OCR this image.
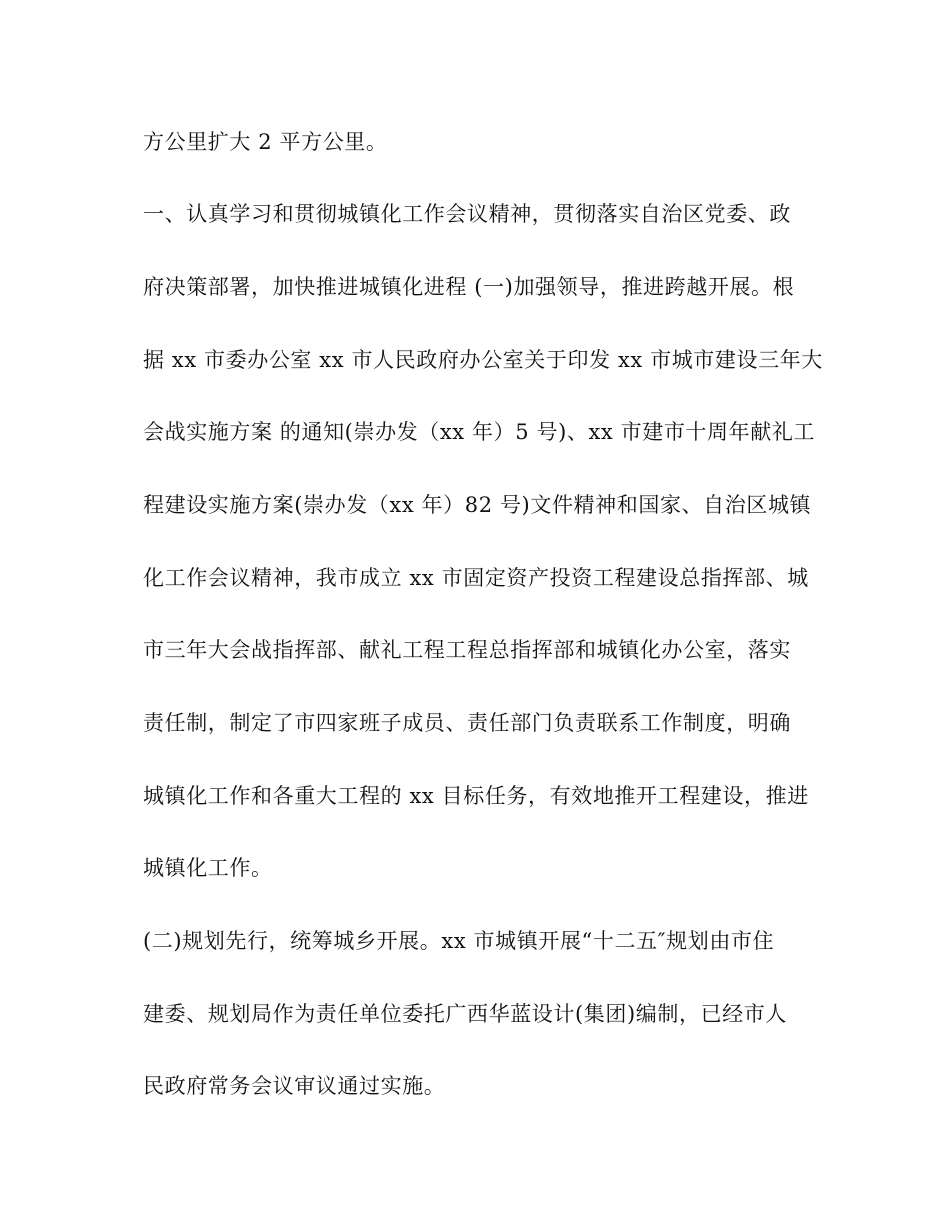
方公里扩大 2 平方公里。
一、认真学习和贯彻城镇化工作会议精神，贯彻落实自治区党委、政
府决策部署，加快推进城镇化进程 (一)加强领导，推进跨越开展。根
据 xx 市委办公室 xx 市人民政府办公室关于印发 xx 市城市建设三年大
会战实施方案 的通知(崇办发（xx 年）5 号)、xx 市建市十周年献礼工
程建设实施方案(崇办发（xx 年）82 号)文件精神和国家、自治区城镇
化工作会议精神，我市成立 xx 市固定资产投资工程建设总指挥部、城
市三年大会战指挥部、献礼工程工程总指挥部和城镇化办公室，落实
责任制，制定了市四家班子成员、责任部门负责联系工作制度，明确
城镇化工作和各重大工程的 xx 目标任务，有效地推开工程建设，推进
城镇化工作。
(二)规划先行，统筹城乡开展。xx 市城镇开展“十二五″规划由市住
建委、规划局作为责任单位委托广西华蓝设计(集团)编制，已经市人
民政府常务会议审议通过实施。
